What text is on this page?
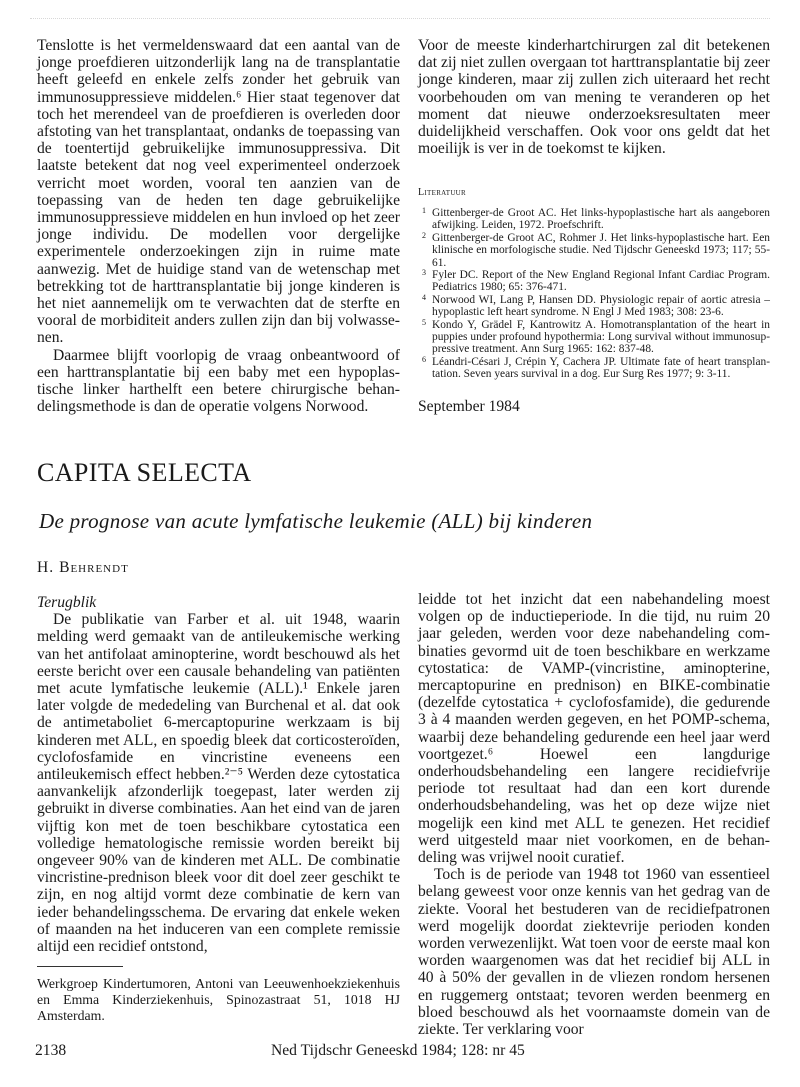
Tenslotte is het vermeldenswaard dat een aantal van de jonge proefdieren uitzonderlijk lang na de transplantatie heeft geleefd en enkele zelfs zonder het gebruik van immunosuppressieve middelen.⁶ Hier staat tegenover dat toch het merendeel van de proefdieren is overleden door afstoting van het transplantaat, ondanks de toepassing van de toentertijd gebruikelijke immunosuppressiva. Dit laatste betekent dat nog veel experimenteel onderzoek verricht moet worden, vooral ten aanzien van de toepassing van de heden ten dage gebruikelijke immunosuppressieve middelen en hun invloed op het zeer jonge individu. De modellen voor dergelijke experimentele onderzoekingen zijn in ruime mate aanwezig. Met de huidige stand van de wetenschap met betrekking tot de harttransplantatie bij jonge kinderen is het niet aannemelijk om te verwachten dat de sterfte en vooral de morbiditeit anders zullen zijn dan bij volwassenen.

Daarmee blijft voorlopig de vraag onbeantwoord of een harttransplantatie bij een baby met een hypoplastische linker harthelft een betere chirurgische behandelingsmethode is dan de operatie volgens Norwood.

Voor de meeste kinderhartchirurgen zal dit betekenen dat zij niet zullen overgaan tot harttransplantatie bij zeer jonge kinderen, maar zij zullen zich uiteraard het recht voorbehouden om van mening te veranderen op het moment dat nieuwe onderzoeksresultaten meer duidelijkheid verschaffen. Ook voor ons geldt dat het moeilijk is ver in de toekomst te kijken.

Literatuur
1 Gittenberger-de Groot AC. Het links-hypoplastische hart als aangeboren afwijking. Leiden, 1972. Proefschrift.
2 Gittenberger-de Groot AC, Rohmer J. Het links-hypoplastische hart. Een klinische en morfologische studie. Ned Tijdschr Geneeskd 1973; 117; 55-61.
3 Fyler DC. Report of the New England Regional Infant Cardiac Program. Pediatrics 1980; 65: 376-471.
4 Norwood WI, Lang P, Hansen DD. Physiologic repair of aortic atresia – hypoplastic left heart syndrome. N Engl J Med 1983; 308: 23-6.
5 Kondo Y, Grädel F, Kantrowitz A. Homotransplantation of the heart in puppies under profound hypothermia: Long survival without immunosuppressive treatment. Ann Surg 1965: 162: 837-48.
6 Léandri-Césari J, Crépin Y, Cachera JP. Ultimate fate of heart transplantation. Seven years survival in a dog. Eur Surg Res 1977; 9: 3-11.
September 1984
CAPITA SELECTA
De prognose van acute lymfatische leukemie (ALL) bij kinderen
H. Behrendt

Terugblik

De publikatie van Farber et al. uit 1948, waarin melding werd gemaakt van de antileukemische werking van het antifolaat aminopterine, wordt beschouwd als het eerste bericht over een causale behandeling van patiënten met acute lymfatische leukemie (ALL).¹ Enkele jaren later volgde de mededeling van Burchenal et al. dat ook de antimetaboliet 6-mercaptopurine werkzaam is bij kinderen met ALL, en spoedig bleek dat corticosteroïden, cyclofosfamide en vincristine eveneens een antileukemisch effect hebben.²⁻⁵ Werden deze cytostatica aanvankelijk afzonderlijk toegepast, later werden zij gebruikt in diverse combinaties. Aan het eind van de jaren vijftig kon met de toen beschikbare cytostatica een volledige hematologische remissie worden bereikt bij ongeveer 90% van de kinderen met ALL. De combinatie vincristine-prednison bleek voor dit doel zeer geschikt te zijn, en nog altijd vormt deze combinatie de kern van ieder behandelingsschema. De ervaring dat enkele weken of maanden na het induceren van een complete remissie altijd een recidief ontstond,

leidde tot het inzicht dat een nabehandeling moest volgen op de inductieperiode. In die tijd, nu ruim 20 jaar geleden, werden voor deze nabehandeling combinaties gevormd uit de toen beschikbare en werkzame cytostatica: de VAMP-(vincristine, aminopterine, mercaptopurine en prednison) en BIKE-combinatie (dezelfde cytostatica + cyclofosfamide), die gedurende 3 à 4 maanden werden gegeven, en het POMP-schema, waarbij deze behandeling gedurende een heel jaar werd voortgezet.⁶ Hoewel een langdurige onderhoudsbehandeling een langere recidiefvrije periode tot resultaat had dan een kort durende onderhoudsbehandeling, was het op deze wijze niet mogelijk een kind met ALL te genezen. Het recidief werd uitgesteld maar niet voorkomen, en de behandeling was vrijwel nooit curatief.

Toch is de periode van 1948 tot 1960 van essentieel belang geweest voor onze kennis van het gedrag van de ziekte. Vooral het bestuderen van de recidiefpatronen werd mogelijk doordat ziektevrije perioden konden worden verwezenlijkt. Wat toen voor de eerste maal kon worden waargenomen was dat het recidief bij ALL in 40 à 50% der gevallen in de vliezen rondom hersenen en ruggemerg ontstaat; tevoren werden beenmerg en bloed beschouwd als het voornaamste domein van de ziekte. Ter verklaring voor

Werkgroep Kindertumoren, Antoni van Leeuwenhoekziekenhuis en Emma Kinderziekenhuis, Spinozastraat 51, 1018 HJ Amsterdam.
2138	Ned Tijdschr Geneeskd 1984; 128: nr 45
